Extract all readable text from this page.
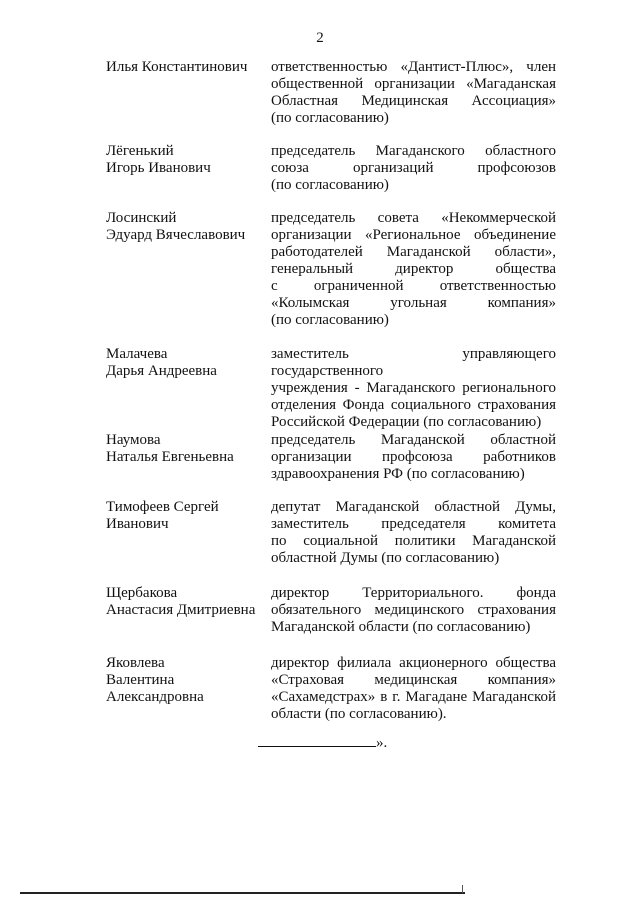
2
Илья Константинович	ответственностью «Дантист-Плюс», член
общественной организации «Магаданская
Областная Медицинская Ассоциация»
(по согласованию)
Лёгенький
Игорь Иванович
председатель Магаданского областного
союза организаций профсоюзов
(по согласованию)
Лосинский
Эдуард Вячеславович
председатель совета «Некоммерческой
организации «Региональное объединение
работодателей Магаданской области»,
генеральный директор общества
с ограниченной ответственностью
«Колымская угольная компания»
(по согласованию)
Малачева
Дарья Андреевна
заместитель управляющего государственного
учреждения - Магаданского регионального
отделения Фонда социального страхования
Российской Федерации (по согласованию)
Наумова
Наталья Евгеньевна
председатель Магаданской областной
организации профсоюза работников
здравоохранения РФ (по согласованию)
Тимофеев Сергей
Иванович
депутат Магаданской областной Думы,
заместитель председателя комитета
по социальной политики Магаданской
областной Думы (по согласованию)
Щербакова
Анастасия Дмитриевна
директор Территориального. фонда
обязательного медицинского страхования
Магаданской области (по согласованию)
Яковлева
Валентина
Александровна
директор филиала акционерного общества
«Страховая медицинская компания»
«Сахамедстрах» в г. Магадане Магаданской
области (по согласованию).
».
